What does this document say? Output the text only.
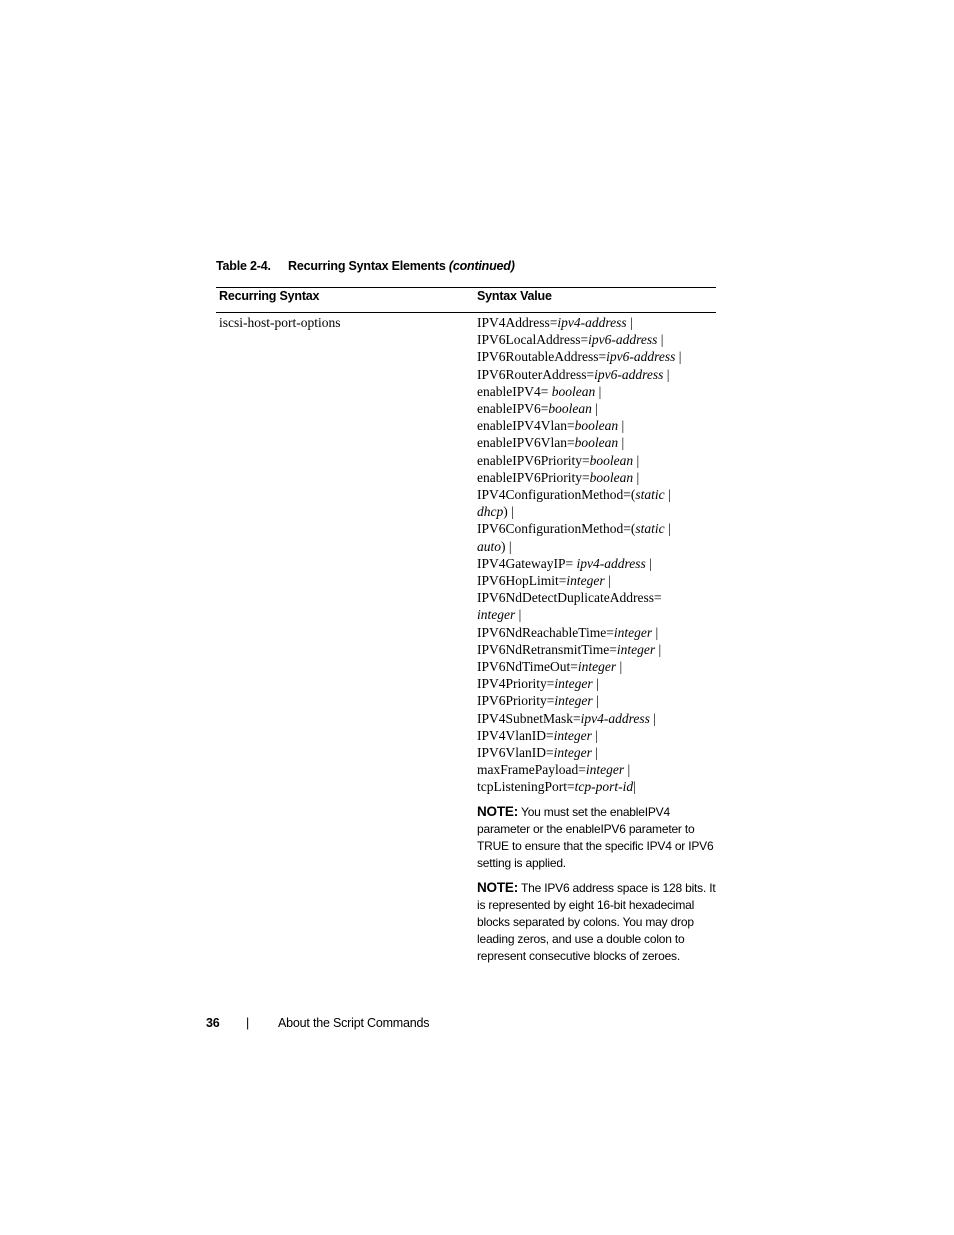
Table 2-4. Recurring Syntax Elements (continued)
Recurring Syntax	Syntax Value
iscsi-host-port-options	IPV4Address=ipv4-address |
IPV6LocalAddress=ipv6-address |
IPV6RoutableAddress=ipv6-address |
IPV6RouterAddress=ipv6-address |
enableIPV4= boolean |
enableIPV6=boolean |
enableIPV4Vlan=boolean |
enableIPV6Vlan=boolean |
enableIPV6Priority=boolean |
enableIPV6Priority=boolean |
IPV4ConfigurationMethod=(static |
dhcp) |
IPV6ConfigurationMethod=(static |
auto) |
IPV4GatewayIP= ipv4-address |
IPV6HopLimit=integer |
IPV6NdDetectDuplicateAddress=
integer |
IPV6NdReachableTime=integer |
IPV6NdRetransmitTime=integer |
IPV6NdTimeOut=integer |
IPV4Priority=integer |
IPV6Priority=integer |
IPV4SubnetMask=ipv4-address |
IPV4VlanID=integer |
IPV6VlanID=integer |
maxFramePayload=integer |
tcpListeningPort=tcp-port-id|
NOTE: You must set the enableIPV4 parameter or the enableIPV6 parameter to TRUE to ensure that the specific IPV4 or IPV6 setting is applied.
NOTE: The IPV6 address space is 128 bits. It is represented by eight 16-bit hexadecimal blocks separated by colons. You may drop leading zeros, and use a double colon to represent consecutive blocks of zeroes.
36 | About the Script Commands
